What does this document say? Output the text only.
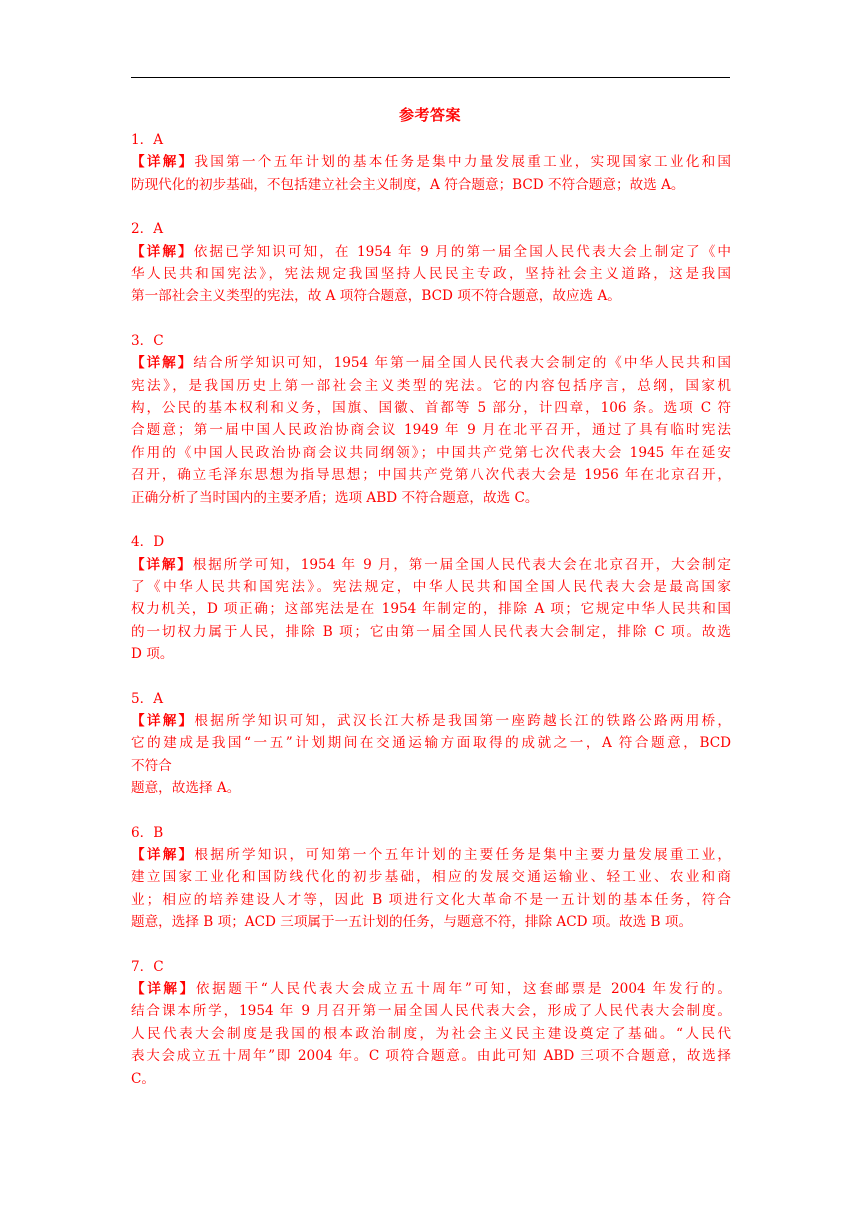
参考答案
1．A
【详解】我国第一个五年计划的基本任务是集中力量发展重工业，实现国家工业化和国
防现代化的初步基础，不包括建立社会主义制度，A 符合题意；BCD 不符合题意；故选 A。
2．A
【详解】依据已学知识可知，在 1954 年 9 月的第一届全国人民代表大会上制定了《中
华人民共和国宪法》，宪法规定我国坚持人民民主专政，坚持社会主义道路，这是我国
第一部社会主义类型的宪法，故 A 项符合题意，BCD 项不符合题意，故应选 A。
3．C
【详解】结合所学知识可知，1954 年第一届全国人民代表大会制定的《中华人民共和国
宪法》，是我国历史上第一部社会主义类型的宪法。它的内容包括序言，总纲，国家机
构，公民的基本权利和义务，国旗、国徽、首都等 5 部分，计四章，106 条。选项 C 符
合题意；第一届中国人民政治协商会议 1949 年 9 月在北平召开，通过了具有临时宪法
作用的《中国人民政治协商会议共同纲领》；中国共产党第七次代表大会 1945 年在延安
召开，确立毛泽东思想为指导思想；中国共产党第八次代表大会是 1956 年在北京召开，
正确分析了当时国内的主要矛盾；选项 ABD 不符合题意，故选 C。
4．D
【详解】根据所学可知，1954 年 9 月，第一届全国人民代表大会在北京召开，大会制定
了《中华人民共和国宪法》。宪法规定，中华人民共和国全国人民代表大会是最高国家
权力机关，D 项正确；这部宪法是在 1954 年制定的，排除 A 项；它规定中华人民共和国
的一切权力属于人民，排除 B 项；它由第一届全国人民代表大会制定，排除 C 项。故选
D 项。
5．A
【详解】根据所学知识可知，武汉长江大桥是我国第一座跨越长江的铁路公路两用桥，
它的建成是我国“一五”计划期间在交通运输方面取得的成就之一，A 符合题意，BCD
不符合
题意，故选择 A。
6．B
【详解】根据所学知识，可知第一个五年计划的主要任务是集中主要力量发展重工业，
建立国家工业化和国防线代化的初步基础，相应的发展交通运输业、轻工业、农业和商
业；相应的培养建设人才等，因此 B 项进行文化大革命不是一五计划的基本任务，符合
题意，选择 B 项；ACD 三项属于一五计划的任务，与题意不符，排除 ACD 项。故选 B 项。
7．C
【详解】依据题干“人民代表大会成立五十周年”可知，这套邮票是 2004 年发行的。
结合课本所学，1954 年 9 月召开第一届全国人民代表大会，形成了人民代表大会制度。
人民代表大会制度是我国的根本政治制度，为社会主义民主建设奠定了基础。“人民代
表大会成立五十周年”即 2004 年。C 项符合题意。由此可知 ABD 三项不合题意，故选择
C。
